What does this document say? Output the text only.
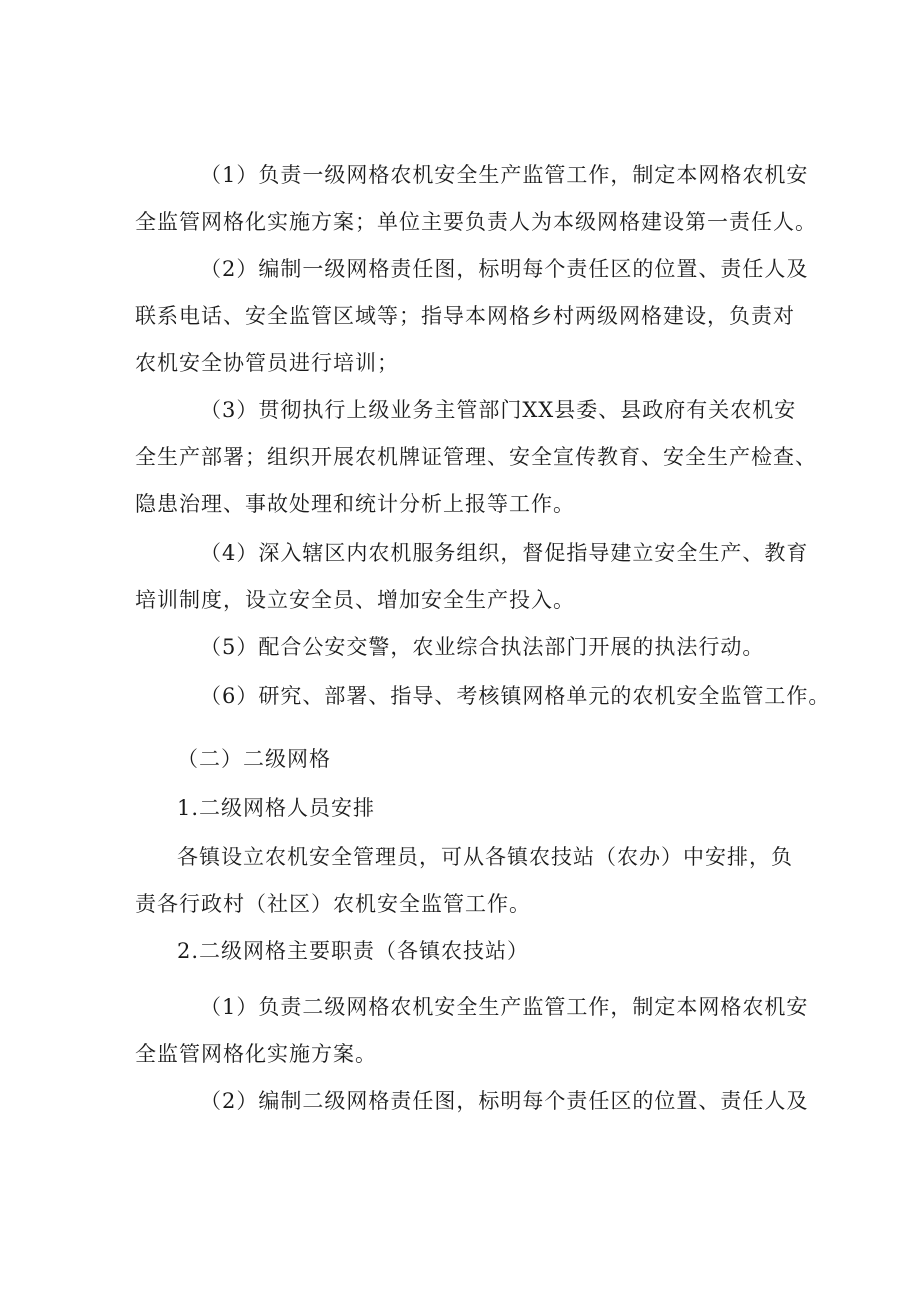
（1）负责一级网格农机安全生产监管工作，制定本网格农机安
全监管网格化实施方案；单位主要负责人为本级网格建设第一责任人。
（2）编制一级网格责任图，标明每个责任区的位置、责任人及
联系电话、安全监管区域等；指导本网格乡村两级网格建设，负责对
农机安全协管员进行培训；
（3）贯彻执行上级业务主管部门XX县委、县政府有关农机安
全生产部署；组织开展农机牌证管理、安全宣传教育、安全生产检查、
隐患治理、事故处理和统计分析上报等工作。
（4）深入辖区内农机服务组织，督促指导建立安全生产、教育
培训制度，设立安全员、增加安全生产投入。
（5）配合公安交警，农业综合执法部门开展的执法行动。
（6）研究、部署、指导、考核镇网格单元的农机安全监管工作。
（二）二级网格
1.二级网格人员安排
各镇设立农机安全管理员，可从各镇农技站（农办）中安排，负
责各行政村（社区）农机安全监管工作。
2.二级网格主要职责（各镇农技站）
（1）负责二级网格农机安全生产监管工作，制定本网格农机安
全监管网格化实施方案。
（2）编制二级网格责任图，标明每个责任区的位置、责任人及
